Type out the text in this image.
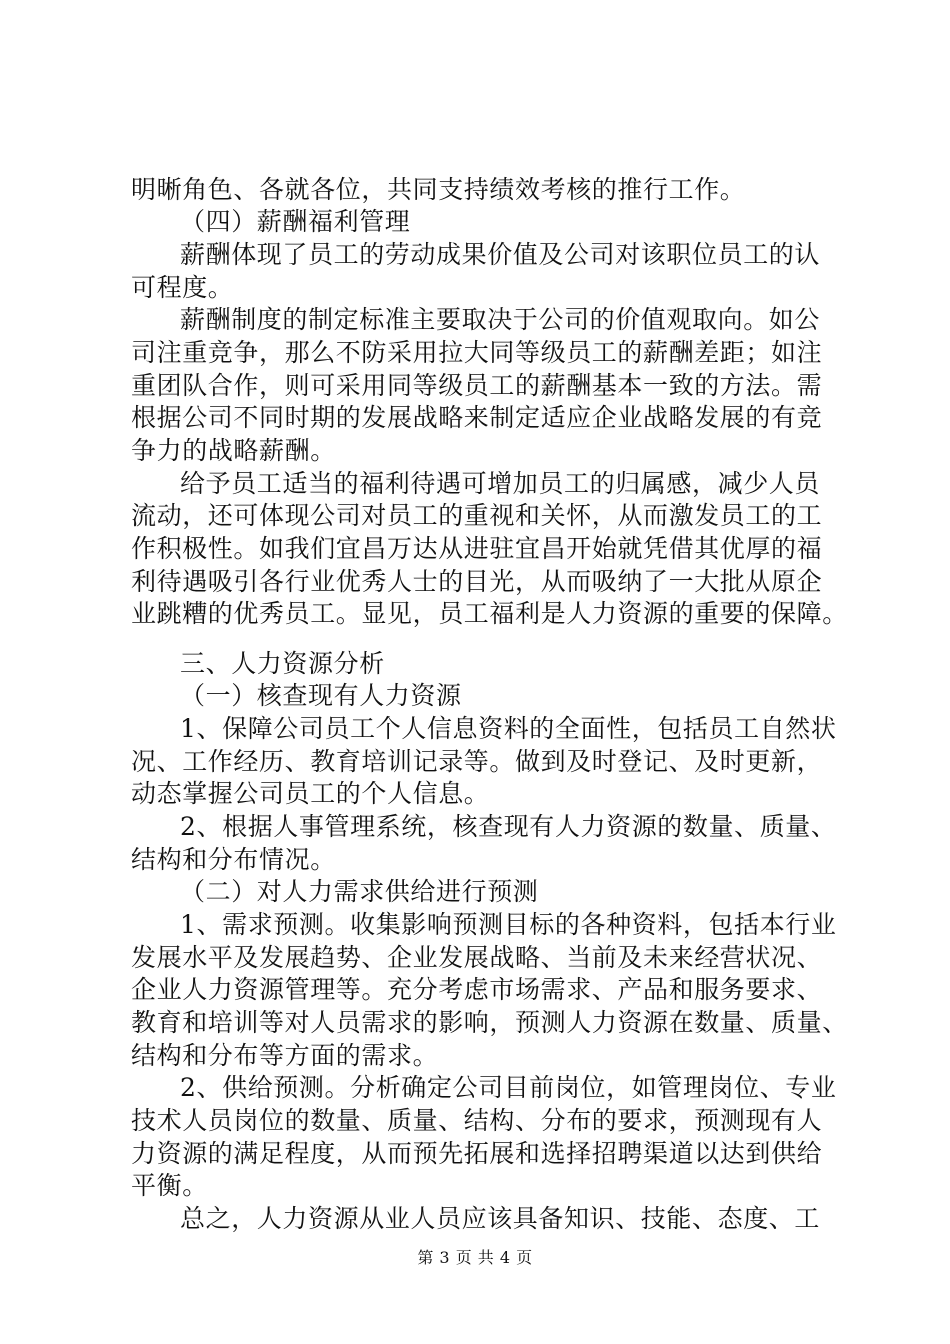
明晰角色、各就各位，共同支持绩效考核的推行工作。
（四）薪酬福利管理
薪酬体现了员工的劳动成果价值及公司对该职位员工的认
可程度。
薪酬制度的制定标准主要取决于公司的价值观取向。如公
司注重竞争，那么不防采用拉大同等级员工的薪酬差距；如注
重团队合作，则可采用同等级员工的薪酬基本一致的方法。需
根据公司不同时期的发展战略来制定适应企业战略发展的有竞
争力的战略薪酬。
给予员工适当的福利待遇可增加员工的归属感，减少人员
流动，还可体现公司对员工的重视和关怀，从而激发员工的工
作积极性。如我们宜昌万达从进驻宜昌开始就凭借其优厚的福
利待遇吸引各行业优秀人士的目光，从而吸纳了一大批从原企
业跳糟的优秀员工。显见，员工福利是人力资源的重要的保障。
三、人力资源分析
（一）核查现有人力资源
1、保障公司员工个人信息资料的全面性，包括员工自然状
况、工作经历、教育培训记录等。做到及时登记、及时更新，
动态掌握公司员工的个人信息。
2、根据人事管理系统，核查现有人力资源的数量、质量、
结构和分布情况。
（二）对人力需求供给进行预测
1、需求预测。收集影响预测目标的各种资料，包括本行业
发展水平及发展趋势、企业发展战略、当前及未来经营状况、
企业人力资源管理等。充分考虑市场需求、产品和服务要求、
教育和培训等对人员需求的影响，预测人力资源在数量、质量、
结构和分布等方面的需求。
2、供给预测。分析确定公司目前岗位，如管理岗位、专业
技术人员岗位的数量、质量、结构、分布的要求，预测现有人
力资源的满足程度，从而预先拓展和选择招聘渠道以达到供给
平衡。
总之，人力资源从业人员应该具备知识、技能、态度、工
第 3 页 共 4 页
